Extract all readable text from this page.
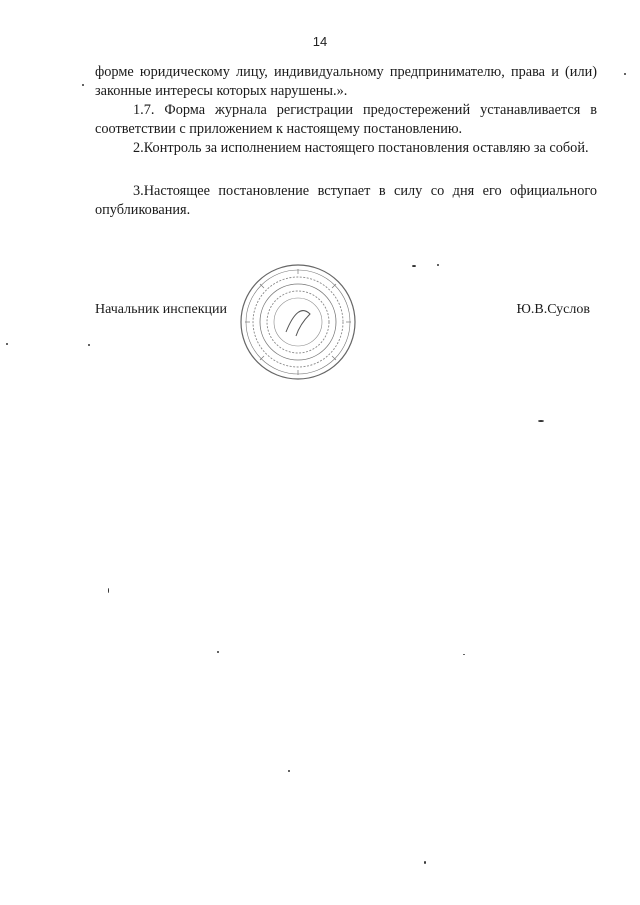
14
форме юридическому лицу, индивидуальному предпринимателю, права и (или) законные интересы которых нарушены.».
1.7. Форма журнала регистрации предостережений устанавливается в соответствии с приложением к настоящему постановлению.
2.Контроль за исполнением настоящего постановления оставляю за собой.
3.Настоящее постановление вступает в силу со дня его официального опубликования.
Начальник инспекции	Ю.В.Суслов
